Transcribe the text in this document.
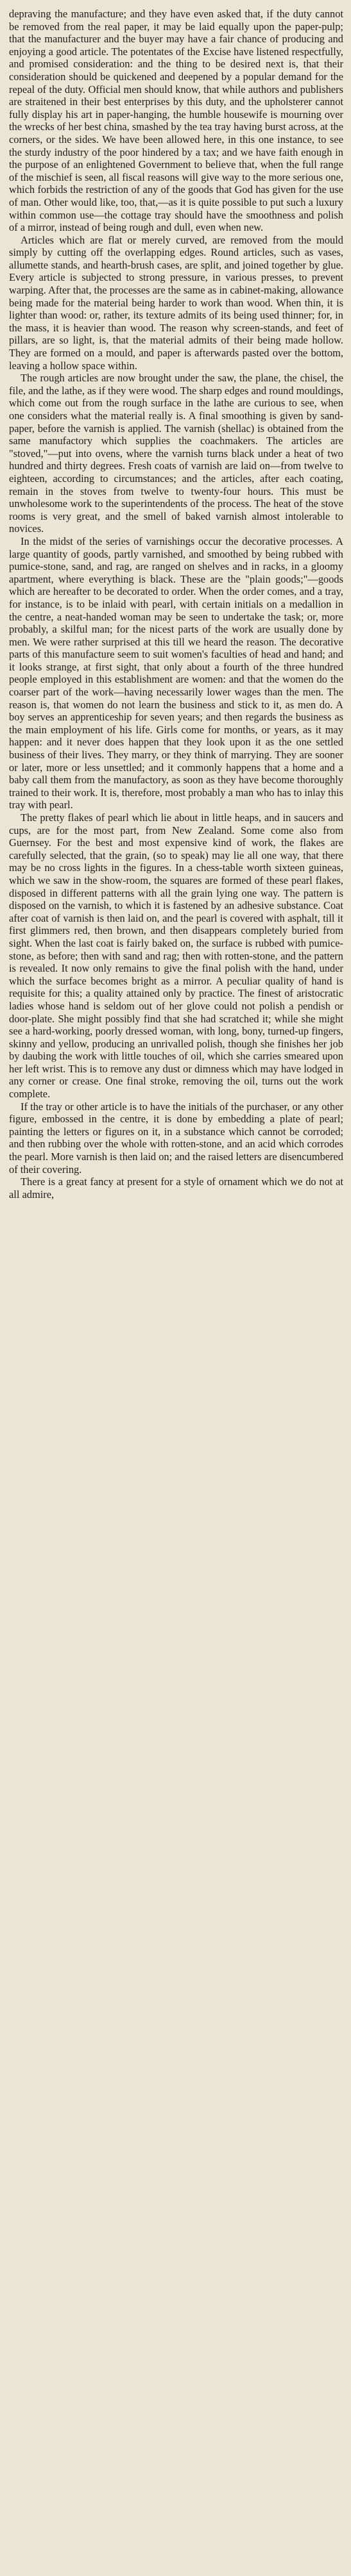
depraving the manufacture; and they have even asked that, if the duty cannot be removed from the real paper, it may be laid equally upon the paper-pulp; that the manufacturer and the buyer may have a fair chance of producing and enjoying a good article. The potentates of the Excise have listened respectfully, and promised consideration: and the thing to be desired next is, that their consideration should be quickened and deepened by a popular demand for the repeal of the duty. Official men should know, that while authors and publishers are straitened in their best enterprises by this duty, and the upholsterer cannot fully display his art in paper-hanging, the humble housewife is mourning over the wrecks of her best china, smashed by the tea tray having burst across, at the corners, or the sides. We have been allowed here, in this one instance, to see the sturdy industry of the poor hindered by a tax; and we have faith enough in the purpose of an enlightened Government to believe that, when the full range of the mischief is seen, all fiscal reasons will give way to the more serious one, which forbids the restriction of any of the goods that God has given for the use of man. Other would like, too, that,—as it is quite possible to put such a luxury within common use—the cottage tray should have the smoothness and polish of a mirror, instead of being rough and dull, even when new.

Articles which are flat or merely curved, are removed from the mould simply by cutting off the overlapping edges. Round articles, such as vases, allumette stands, and hearth-brush cases, are split, and joined together by glue. Every article is subjected to strong pressure, in various presses, to prevent warping. After that, the processes are the same as in cabinet-making, allowance being made for the material being harder to work than wood. When thin, it is lighter than wood: or, rather, its texture admits of its being used thinner; for, in the mass, it is heavier than wood. The reason why screen-stands, and feet of pillars, are so light, is, that the material admits of their being made hollow. They are formed on a mould, and paper is afterwards pasted over the bottom, leaving a hollow space within.

The rough articles are now brought under the saw, the plane, the chisel, the file, and the lathe, as if they were wood. The sharp edges and round mouldings, which come out from the rough surface in the lathe are curious to see, when one considers what the material really is. A final smoothing is given by sand-paper, before the varnish is applied. The varnish (shellac) is obtained from the same manufactory which supplies the coachmakers. The articles are "stoved,"—put into ovens, where the varnish turns black under a heat of two hundred and thirty degrees. Fresh coats of varnish are laid on—from twelve to eighteen, according to circumstances; and the articles, after each coating, remain in the stoves from twelve to twenty-four hours. This must be unwholesome work to the superintendents of the process. The heat of the stove rooms is very great, and the smell of baked varnish almost intolerable to novices.

In the midst of the series of varnishings occur the decorative processes. A large quantity of goods, partly varnished, and smoothed by being rubbed with pumice-stone, sand, and rag, are ranged on shelves and in racks, in a gloomy apartment, where everything is black. These are the "plain goods;"—goods which are hereafter to be decorated to order. When the order comes, and a tray, for instance, is to be inlaid with pearl, with certain initials on a medallion in the centre, a neat-handed woman may be seen to undertake the task; or, more probably, a skilful man; for the nicest parts of the work are usually done by men. We were rather surprised at this till we heard the reason. The decorative parts of this manufacture seem to suit women's faculties of head and hand; and it looks strange, at first sight, that only about a fourth of the three hundred people employed in this establishment are women: and that the women do the coarser part of the work—having necessarily lower wages than the men. The reason is, that women do not learn the business and stick to it, as men do. A boy serves an apprenticeship for seven years; and then regards the business as the main employment of his life. Girls come for months, or years, as it may happen: and it never does happen that they look upon it as the one settled business of their lives. They marry, or they think of marrying. They are sooner or later, more or less unsettled; and it commonly happens that a home and a baby call them from the manufactory, as soon as they have become thoroughly trained to their work. It is, therefore, most probably a man who has to inlay this tray with pearl.

The pretty flakes of pearl which lie about in little heaps, and in saucers and cups, are for the most part, from New Zealand. Some come also from Guernsey. For the best and most expensive kind of work, the flakes are carefully selected, that the grain, (so to speak) may lie all one way, that there may be no cross lights in the figures. In a chess-table worth sixteen guineas, which we saw in the show-room, the squares are formed of these pearl flakes, disposed in different patterns with all the grain lying one way. The pattern is disposed on the varnish, to which it is fastened by an adhesive substance. Coat after coat of varnish is then laid on, and the pearl is covered with asphalt, till it first glimmers red, then brown, and then disappears completely buried from sight. When the last coat is fairly baked on, the surface is rubbed with pumice-stone, as before; then with sand and rag; then with rotten-stone, and the pattern is revealed. It now only remains to give the final polish with the hand, under which the surface becomes bright as a mirror. A peculiar quality of hand is requisite for this; a quality attained only by practice. The finest of aristocratic ladies whose hand is seldom out of her glove could not polish a pendish or door-plate. She might possibly find that she had scratched it; while she might see a hard-working, poorly dressed woman, with long, bony, turned-up fingers, skinny and yellow, producing an unrivalled polish, though she finishes her job by daubing the work with little touches of oil, which she carries smeared upon her left wrist. This is to remove any dust or dimness which may have lodged in any corner or crease. One final stroke, removing the oil, turns out the work complete.

If the tray or other article is to have the initials of the purchaser, or any other figure, embossed in the centre, it is done by embedding a plate of pearl; painting the letters or figures on it, in a substance which cannot be corroded; and then rubbing over the whole with rotten-stone, and an acid which corrodes the pearl. More varnish is then laid on; and the raised letters are disencumbered of their covering.

There is a great fancy at present for a style of ornament which we do not at all admire,
